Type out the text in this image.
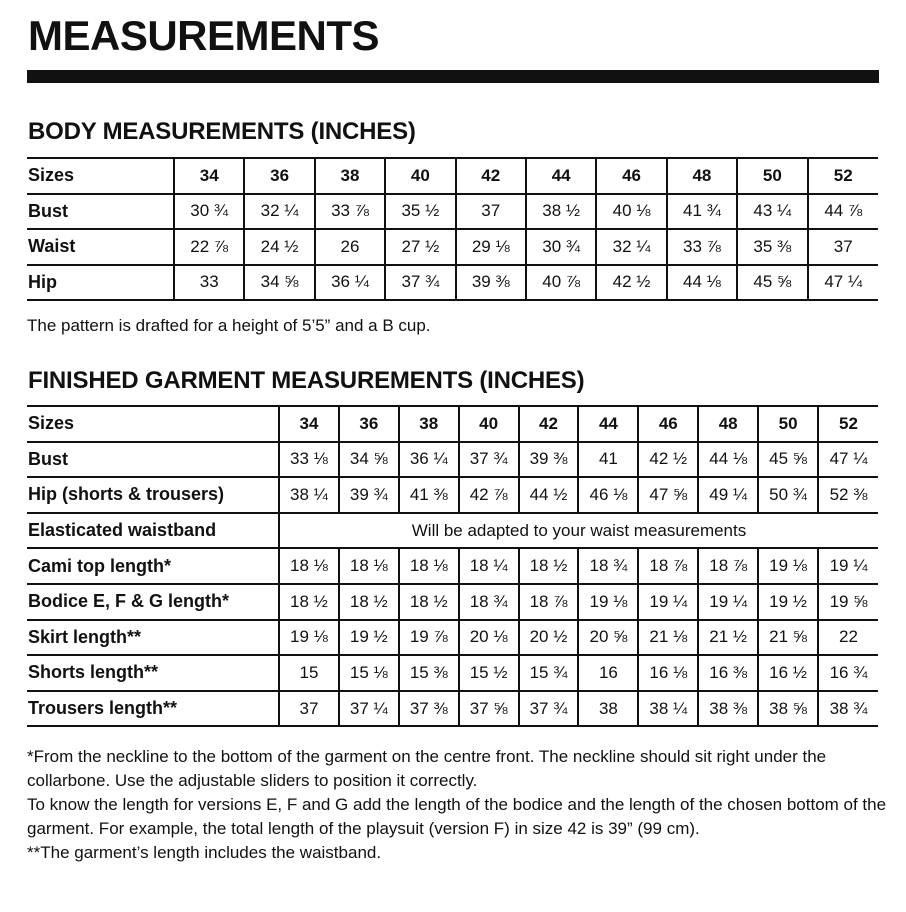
MEASUREMENTS
BODY MEASUREMENTS (INCHES)
Sizes	34	36	38	40	42	44	46	48	50	52
Bust	30 ¾	32 ¼	33 ⅞	35 ½	37	38 ½	40 ⅛	41 ¾	43 ¼	44 ⅞
Waist	22 ⅞	24 ½	26	27 ½	29 ⅛	30 ¾	32 ¼	33 ⅞	35 ⅜	37
Hip	33	34 ⅝	36 ¼	37 ¾	39 ⅜	40 ⅞	42 ½	44 ⅛	45 ⅝	47 ¼
The pattern is drafted for a height of 5’5” and a B cup.
FINISHED GARMENT MEASUREMENTS (INCHES)
Sizes	34	36	38	40	42	44	46	48	50	52
Bust	33 ⅛	34 ⅝	36 ¼	37 ¾	39 ⅜	41	42 ½	44 ⅛	45 ⅝	47 ¼
Hip (shorts & trousers)	38 ¼	39 ¾	41 ⅜	42 ⅞	44 ½	46 ⅛	47 ⅝	49 ¼	50 ¾	52 ⅜
Elasticated waistband	Will be adapted to your waist measurements									
Cami top length*	18 ⅛	18 ⅛	18 ⅛	18 ¼	18 ½	18 ¾	18 ⅞	18 ⅞	19 ⅛	19 ¼
Bodice E, F & G length*	18 ½	18 ½	18 ½	18 ¾	18 ⅞	19 ⅛	19 ¼	19 ¼	19 ½	19 ⅝
Skirt length**	19 ⅛	19 ½	19 ⅞	20 ⅛	20 ½	20 ⅝	21 ⅛	21 ½	21 ⅝	22
Shorts length**	15	15 ⅛	15 ⅜	15 ½	15 ¾	16	16 ⅛	16 ⅜	16 ½	16 ¾
Trousers length**	37	37 ¼	37 ⅜	37 ⅝	37 ¾	38	38 ¼	38 ⅜	38 ⅝	38 ¾
*From the neckline to the bottom of the garment on the centre front. The neckline should sit right under the collarbone. Use the adjustable sliders to position it correctly.
To know the length for versions E, F and G add the length of the bodice and the length of the chosen bottom of the garment. For example, the total length of the playsuit (version F) in size 42 is 39” (99 cm).
**The garment’s length includes the waistband.
